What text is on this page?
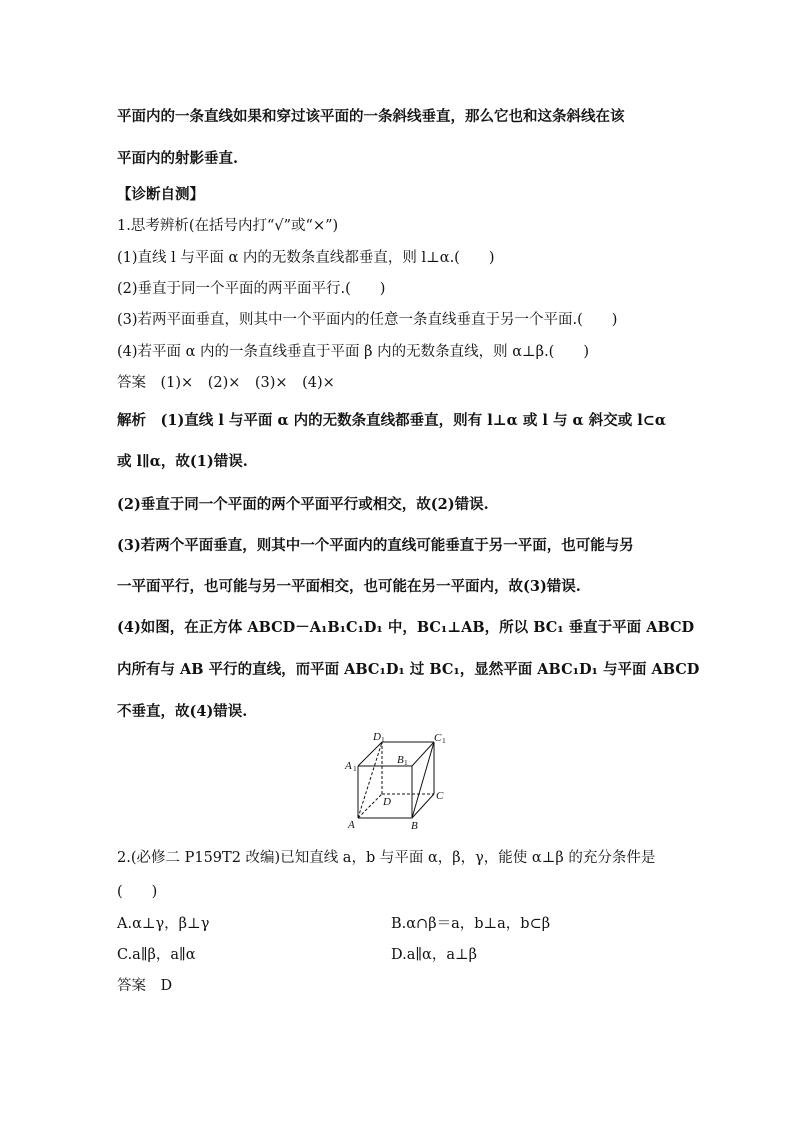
平面内的一条直线如果和穿过该平面的一条斜线垂直，那么它也和这条斜线在该
平面内的射影垂直.
【诊断自测】
1.思考辨析(在括号内打“√”或“×”)
(1)直线 l 与平面 α 内的无数条直线都垂直，则 l⊥α.(　　)
(2)垂直于同一个平面的两平面平行.(　　)
(3)若两平面垂直，则其中一个平面内的任意一条直线垂直于另一个平面.(　　)
(4)若平面 α 内的一条直线垂直于平面 β 内的无数条直线，则 α⊥β.(　　)
答案　(1)×　(2)×　(3)×　(4)×
解析　(1)直线 l 与平面 α 内的无数条直线都垂直，则有 l⊥α 或 l 与 α 斜交或 l⊂α
或 l∥α，故(1)错误.
(2)垂直于同一个平面的两个平面平行或相交，故(2)错误.
(3)若两个平面垂直，则其中一个平面内的直线可能垂直于另一平面，也可能与另
一平面平行，也可能与另一平面相交，也可能在另一平面内，故(3)错误.
(4)如图，在正方体 ABCD－A₁B₁C₁D₁ 中，BC₁⊥AB，所以 BC₁ 垂直于平面 ABCD
内所有与 AB 平行的直线，而平面 ABC₁D₁ 过 BC₁，显然平面 ABC₁D₁ 与平面 ABCD
不垂直，故(4)错误.
D 1	C 1
A 1
B 1
D	C
A	B
2.(必修二 P159T2 改编)已知直线 a，b 与平面 α，β，γ，能使 α⊥β 的充分条件是
(　　)
A.α⊥γ，β⊥γ	B.α∩β＝a，b⊥a，b⊂β
C.a∥β，a∥α	D.a∥α，a⊥β
答案　D
